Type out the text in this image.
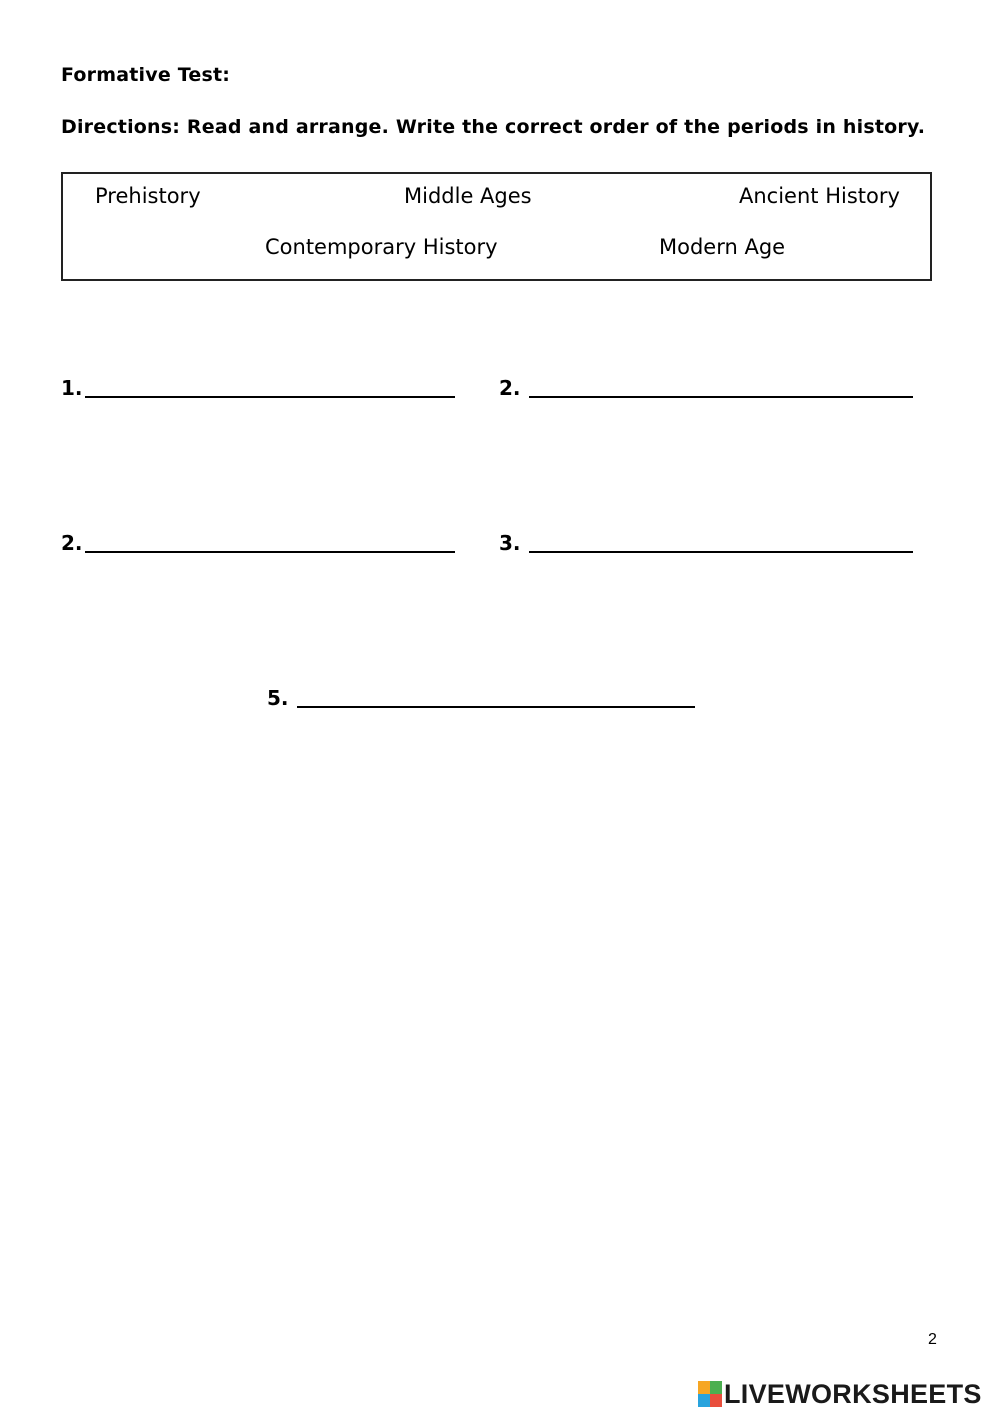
Formative Test:
Directions: Read and arrange. Write the correct order of the periods in history.
Prehistory	Middle Ages	Ancient History
Contemporary History	Modern Age
1.	2.
2.	3.
5.
2
LIVEWORKSHEETS
